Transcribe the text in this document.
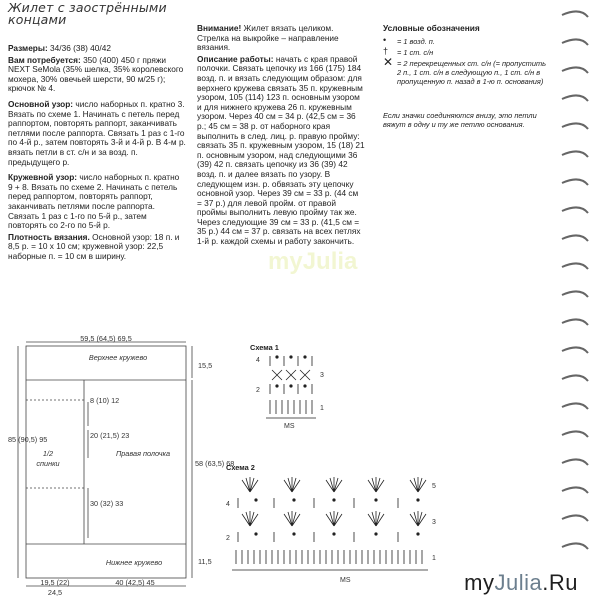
Жилет с заострёнными концами

Размеры: 34/36 (38) 40/42

Вам потребуется: 350 (400) 450 г пряжи NEXT SeMola (35% шелка, 35% королевского мохера, 30% овечьей шерсти, 90 м/25 г); крючок № 4.

Основной узор: число наборных п. кратно 3. Вязать по схеме 1. Начинать с петель перед раппортом, повторять раппорт, заканчивать петлями после раппорта. Связать 1 раз с 1-го по 4-й р., затем повторять 3-й и 4-й р. В 4-м р. вязать петли в ст. с/н и за возд. п. предыдущего р.

Кружевной узор: число наборных п. кратно 9 + 8. Вязать по схеме 2. Начинать с петель перед раппортом, повторять раппорт, заканчивать петлями после раппорта. Связать 1 раз с 1-го по 5-й р., затем повторять со 2-го по 5-й р.

Плотность вязания. Основной узор: 18 п. и 8,5 р. = 10 х 10 см; кружевной узор: 22,5 наборные п. = 10 см в ширину.

Внимание! Жилет вязать целиком. Стрелка на выкройке – направление вязания.

Описание работы: начать с края правой полочки. Связать цепочку из 166 (175) 184 возд. п. и вязать следующим образом: для верхнего кружева связать 35 п. кружевным узором, 105 (114) 123 п. основным узором и для нижнего кружева 26 п. кружевным узором. Через 40 см = 34 р. (42,5 см = 36 р.; 45 см = 38 р. от наборного края выполнить в след. лиц. р. правую пройму: связать 35 п. кружевным узором, 15 (18) 21 п. основным узором, над следующими 36 (39) 42 п. связать цепочку из 36 (39) 42 возд. п. и далее вязать по узору. В следующем изн. р. обвязать эту цепочку основной узор. Через 39 см = 33 р. (44 см = 37 р.) для левой пройм. от правой проймы выполнить левую пройму так же. Через следующие 39 см = 33 р. (41,5 см = 35 р.) 44 см = 37 р. связать на всех петлях 1-й р. каждой схемы и работу закончить.

Условные обозначения
• = 1 возд. п.
† = 1 ст. с/н
✕ = 2 перекрещенных ст. с/н (= пропустить 2 п., 1 ст. с/н в следующую п., 1 ст. с/н в пропущенную п. назад в 1-ю п. основания)
Если значки соединяются внизу, это петли вяжут в одну и ту же петлю основания.
myJulia
59,5 (64,5) 69,5
Верхнее кружево
15,5
8 (10) 12
20 (21,5) 23
1/2
спинки
Правая полочка
85 (90,5) 95
58 (63,5) 68
30 (32) 33
Нижнее кружево	11,5
19,5 (22)
24,5
40 (42,5) 45
Схема 1
4
3
2
1
MS
Схема 2
5
4
3
2
1
MS	myJulia.Ru
